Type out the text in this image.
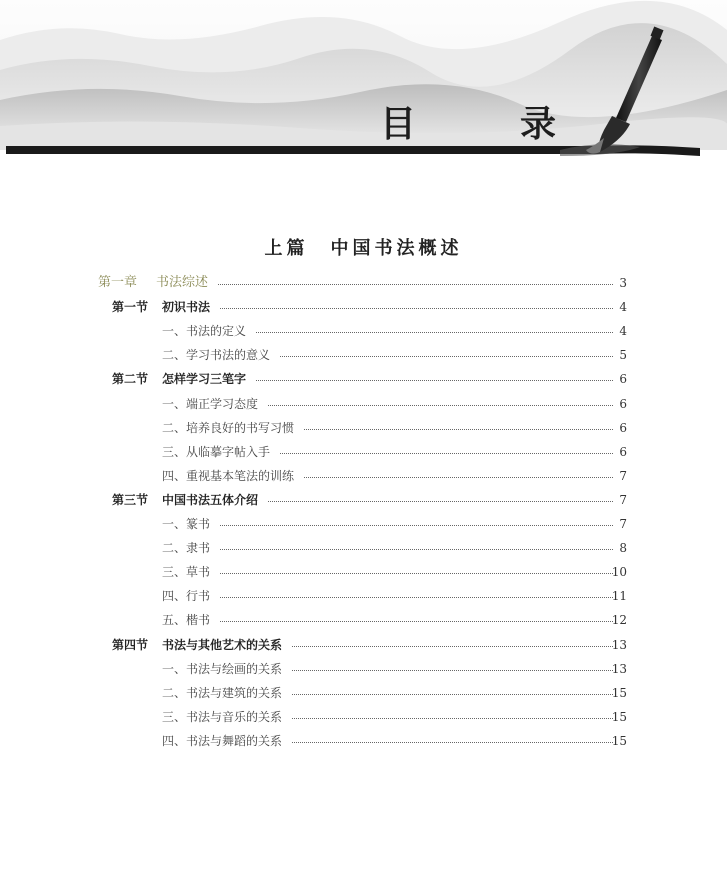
目	录
上篇 中国书法概述
第一章 书法综述	3
第一节 初识书法	4
一、书法的定义	4
二、学习书法的意义	5
第二节 怎样学习三笔字	6
一、端正学习态度	6
二、培养良好的书写习惯	6
三、从临摹字帖入手	6
四、重视基本笔法的训练	7
第三节 中国书法五体介绍	7
一、篆书	7
二、隶书	8
三、草书	10
四、行书	11
五、楷书	12
第四节 书法与其他艺术的关系	13
一、书法与绘画的关系	13
二、书法与建筑的关系	15
三、书法与音乐的关系	15
四、书法与舞蹈的关系	15
